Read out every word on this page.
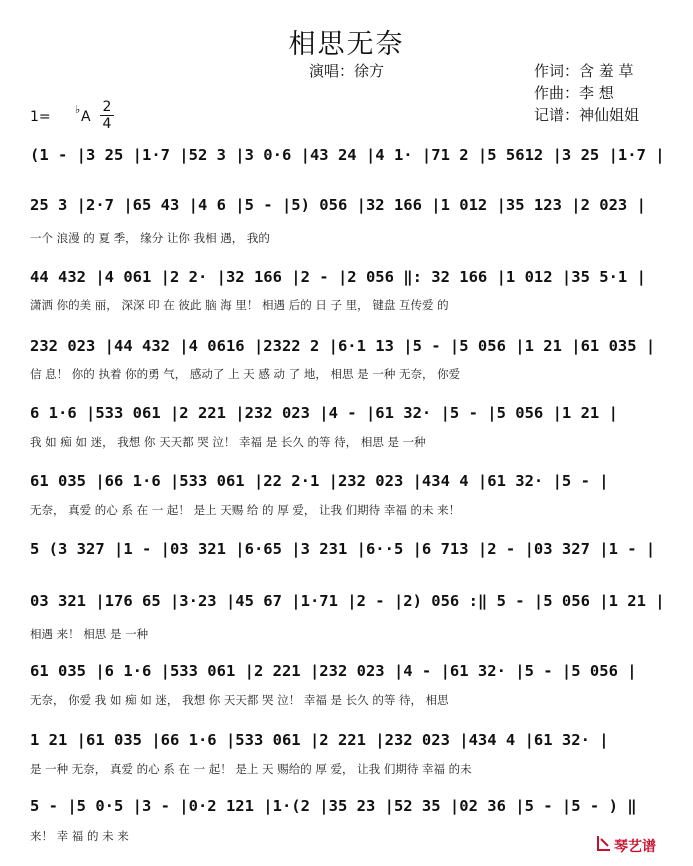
相思无奈
演唱：徐方	作词：含 羞 草
作曲：李 想
记谱：神仙姐姐
1= ♭ A
2
4
(1 - |3 25 |1·7 |52 3 |3 0·6 |43 24 |4 1· |71 2 |5 5612 |3 25 |1·7 |
25 3 |2·7 |65 43 |4 6 |5 - |5) 056 |32 166 |1 012 |35 123 |2 023 |
一个 浪漫 的 夏 季， 缘分 让你 我相 遇， 我的
44 432 |4 061 |2 2· |32 166 |2 - |2 056 ‖: 32 166 |1 012 |35 5·1 |
潇洒 你的美 丽， 深深 印 在 彼此 脑 海 里！ 相遇 后的 日 子 里， 键盘 互传爱 的
232 023 |44 432 |4 0616 |2322 2 |6·1 13 |5 - |5 056 |1 21 |61 035 |
信 息！ 你的 执着 你的勇 气， 感动了 上 天 感 动 了 地， 相思 是 一种 无奈， 你爱
6 1·6 |533 061 |2 221 |232 023 |4 - |61 32· |5 - |5 056 |1 21 |
我 如 痴 如 迷， 我想 你 天天都 哭 泣！ 幸福 是 长久 的等 待， 相思 是 一种
61 035 |66 1·6 |533 061 |22 2·1 |232 023 |434 4 |61 32· |5 - |
无奈， 真爱 的心 系 在 一 起！ 是上 天赐 给 的 厚 爱， 让我 们期待 幸福 的未 来！
5 (3 327 |1 - |03 321 |6·65 |3 231 |6··5 |6 713 |2 - |03 327 |1 - |
03 321 |176 65 |3·23 |45 67 |1·71 |2 - |2) 056 :‖ 5 - |5 056 |1 21 |
相遇 来！ 相思 是 一种
61 035 |6 1·6 |533 061 |2 221 |232 023 |4 - |61 32· |5 - |5 056 |
无奈， 你爱 我 如 痴 如 迷， 我想 你 天天都 哭 泣！ 幸福 是 长久 的等 待， 相思
1 21 |61 035 |66 1·6 |533 061 |2 221 |232 023 |434 4 |61 32· |
是 一种 无奈， 真爱 的心 系 在 一 起！ 是上 天 赐给的 厚 爱， 让我 们期待 幸福 的未
5 - |5 0·5 |3 - |0·2 121 |1·(2 |35 23 |52 35 |02 36 |5 - |5 - ) ‖
来！ 幸 福 的 未 来
琴艺谱
